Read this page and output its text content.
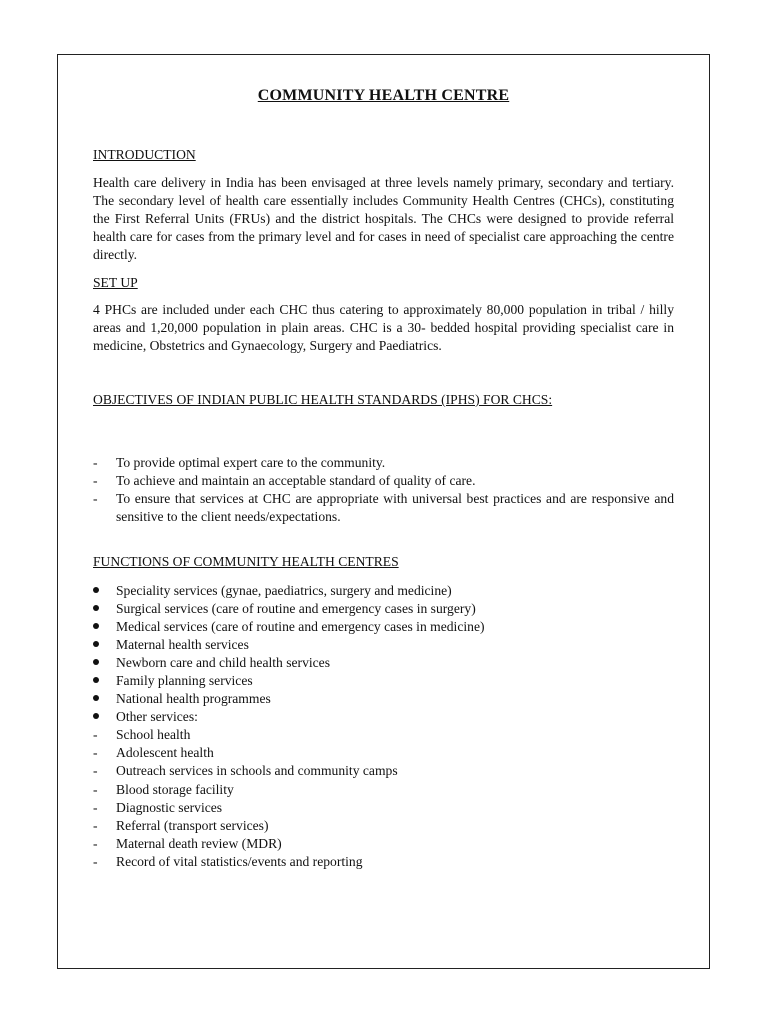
COMMUNITY HEALTH CENTRE
INTRODUCTION

Health care delivery in India has been envisaged at three levels namely primary, secondary and tertiary. The secondary level of health care essentially includes Community Health Centres (CHCs), constituting the First Referral Units (FRUs) and the district hospitals. The CHCs were designed to provide referral health care for cases from the primary level and for cases in need of specialist care approaching the centre directly.

SET UP

4 PHCs are included under each CHC thus catering to approximately 80,000 population in tribal / hilly areas and 1,20,000 population in plain areas. CHC is a 30- bedded hospital providing specialist care in medicine, Obstetrics and Gynaecology, Surgery and Paediatrics.

OBJECTIVES OF INDIAN PUBLIC HEALTH STANDARDS (IPHS) FOR CHCS:
-	To provide optimal expert care to the community.
-	To achieve and maintain an acceptable standard of quality of care.
-	To ensure that services at CHC are appropriate with universal best practices and are responsive and sensitive to the client needs/expectations.
FUNCTIONS OF COMMUNITY HEALTH CENTRES
Speciality services (gynae, paediatrics, surgery and medicine)
Surgical services (care of routine and emergency cases in surgery)
Medical services (care of routine and emergency cases in medicine)
Maternal health services
Newborn care and child health services
Family planning services
National health programmes
Other services:
-	School health
-	Adolescent health
-	Outreach services in schools and community camps
-	Blood storage facility
-	Diagnostic services
-	Referral (transport services)
-	Maternal death review (MDR)
-	Record of vital statistics/events and reporting
